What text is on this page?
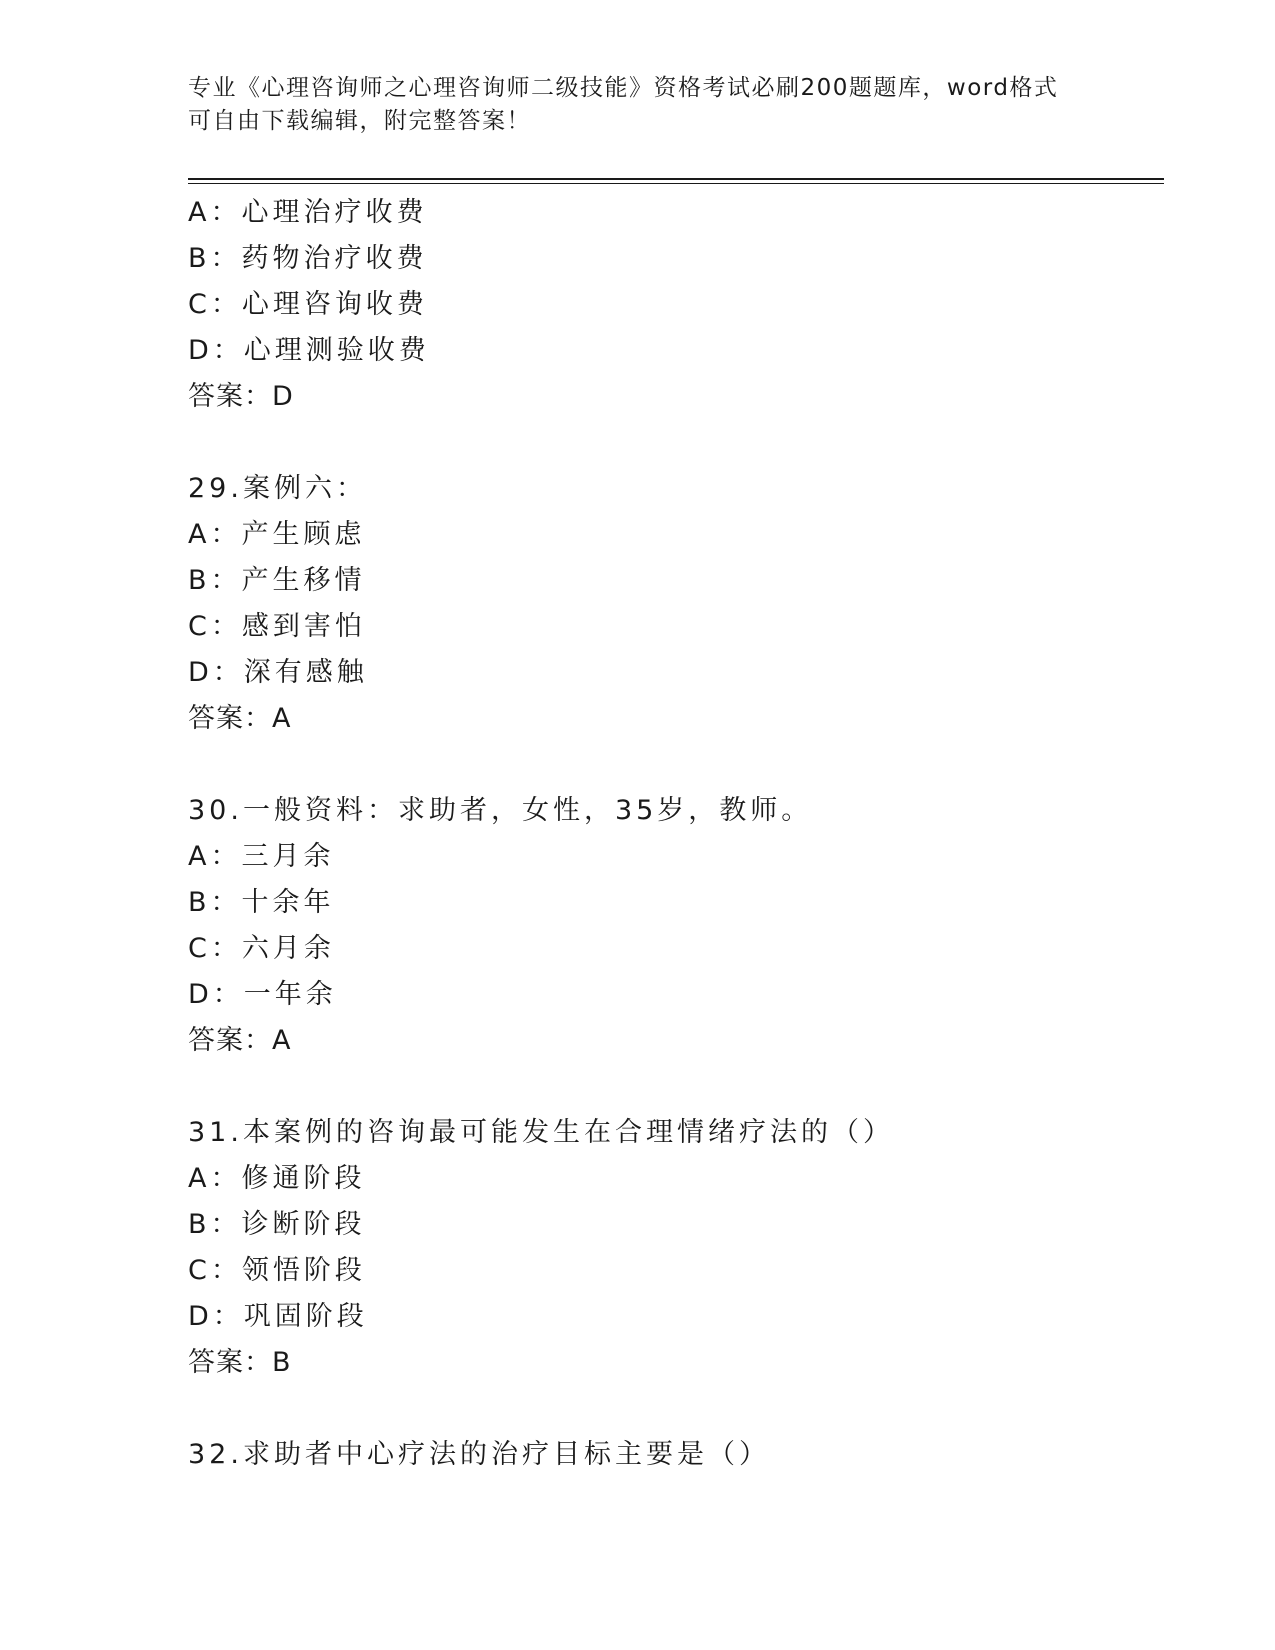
专业《心理咨询师之心理咨询师二级技能》资格考试必刷200题题库，word格式
可自由下载编辑，附完整答案！
A：心理治疗收费
B：药物治疗收费
C：心理咨询收费
D：心理测验收费
答案：D
29.案例六：
A：产生顾虑
B：产生移情
C：感到害怕
D：深有感触
答案：A
30.一般资料：求助者，女性，35岁，教师。
A：三月余
B：十余年
C：六月余
D：一年余
答案：A
31.本案例的咨询最可能发生在合理情绪疗法的（）
A：修通阶段
B：诊断阶段
C：领悟阶段
D：巩固阶段
答案：B
32.求助者中心疗法的治疗目标主要是（）
